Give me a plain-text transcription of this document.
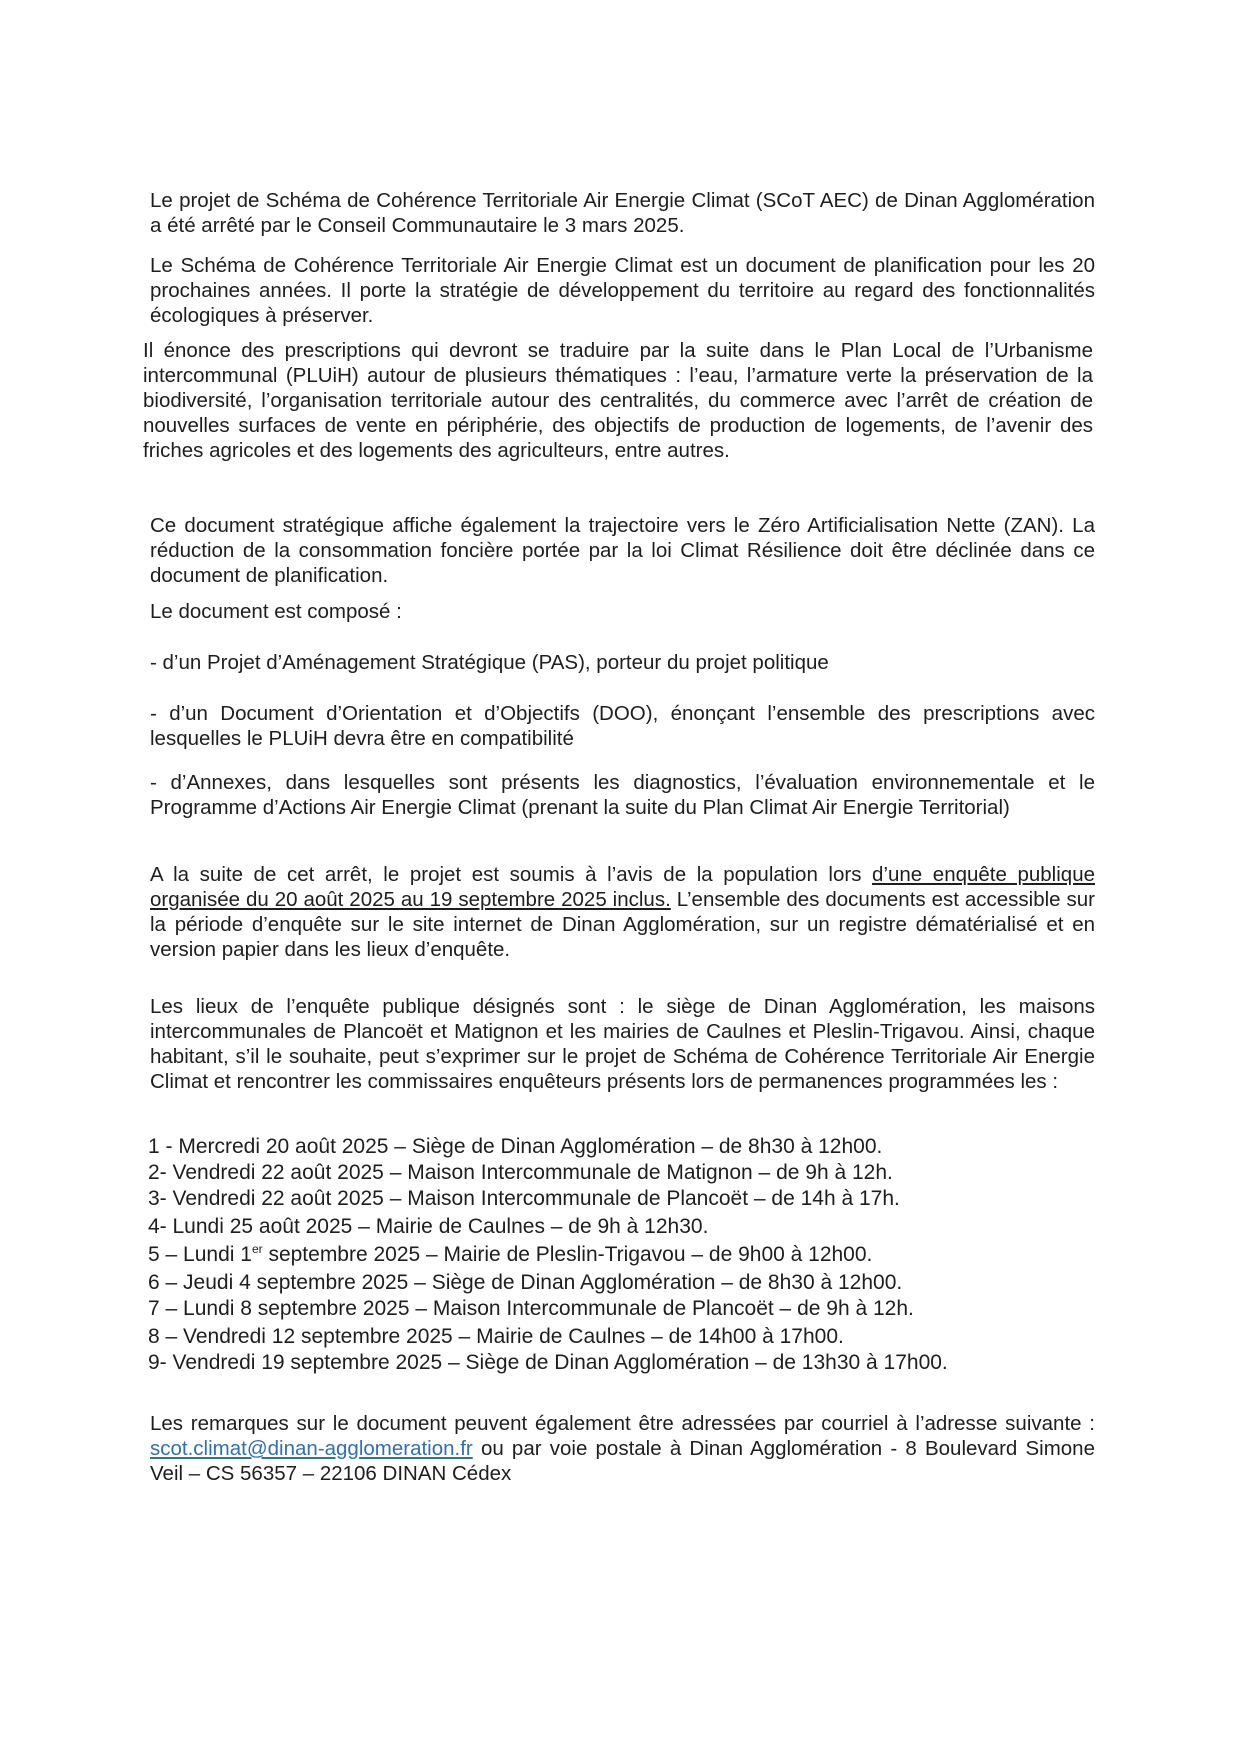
Le projet de Schéma de Cohérence Territoriale Air Energie Climat (SCoT AEC) de Dinan Agglomération a été arrêté par le Conseil Communautaire le 3 mars 2025.

Le Schéma de Cohérence Territoriale Air Energie Climat est un document de planification pour les 20 prochaines années. Il porte la stratégie de développement du territoire au regard des fonctionnalités écologiques à préserver.

Il énonce des prescriptions qui devront se traduire par la suite dans le Plan Local de l’Urbanisme intercommunal (PLUiH) autour de plusieurs thématiques : l’eau, l’armature verte la préservation de la biodiversité, l’organisation territoriale autour des centralités, du commerce avec l’arrêt de création de nouvelles surfaces de vente en périphérie, des objectifs de production de logements, de l’avenir des friches agricoles et des logements des agriculteurs, entre autres.

Ce document stratégique affiche également la trajectoire vers le Zéro Artificialisation Nette (ZAN). La réduction de la consommation foncière portée par la loi Climat Résilience doit être déclinée dans ce document de planification.

Le document est composé :

- d’un Projet d’Aménagement Stratégique (PAS), porteur du projet politique

- d’un Document d’Orientation et d’Objectifs (DOO), énonçant l’ensemble des prescriptions avec lesquelles le PLUiH devra être en compatibilité

- d’Annexes, dans lesquelles sont présents les diagnostics, l’évaluation environnementale et le Programme d’Actions Air Energie Climat (prenant la suite du Plan Climat Air Energie Territorial)

A la suite de cet arrêt, le projet est soumis à l’avis de la population lors d’une enquête publique organisée du 20 août 2025 au 19 septembre 2025 inclus. L’ensemble des documents est accessible sur la période d’enquête sur le site internet de Dinan Agglomération, sur un registre dématérialisé et en version papier dans les lieux d’enquête.

Les lieux de l’enquête publique désignés sont : le siège de Dinan Agglomération, les maisons intercommunales de Plancoët et Matignon et les mairies de Caulnes et Pleslin-Trigavou. Ainsi, chaque habitant, s’il le souhaite, peut s’exprimer sur le projet de Schéma de Cohérence Territoriale Air Energie Climat et rencontrer les commissaires enquêteurs présents lors de permanences programmées les :

1 - Mercredi 20 août 2025 – Siège de Dinan Agglomération – de 8h30 à 12h00.
2- Vendredi 22 août 2025 – Maison Intercommunale de Matignon – de 9h à 12h.
3- Vendredi 22 août 2025 – Maison Intercommunale de Plancoët – de 14h à 17h.
4- Lundi 25 août 2025 – Mairie de Caulnes – de 9h à 12h30.
5 – Lundi 1er septembre 2025 – Mairie de Pleslin-Trigavou – de 9h00 à 12h00.
6 – Jeudi 4 septembre 2025 – Siège de Dinan Agglomération – de 8h30 à 12h00.
7 – Lundi 8 septembre 2025 – Maison Intercommunale de Plancoët – de 9h à 12h.
8 – Vendredi 12 septembre 2025 – Mairie de Caulnes – de 14h00 à 17h00.
9- Vendredi 19 septembre 2025 – Siège de Dinan Agglomération – de 13h30 à 17h00.

Les remarques sur le document peuvent également être adressées par courriel à l’adresse suivante : scot.climat@dinan-agglomeration.fr ou par voie postale à Dinan Agglomération - 8 Boulevard Simone Veil – CS 56357 – 22106 DINAN Cédex
